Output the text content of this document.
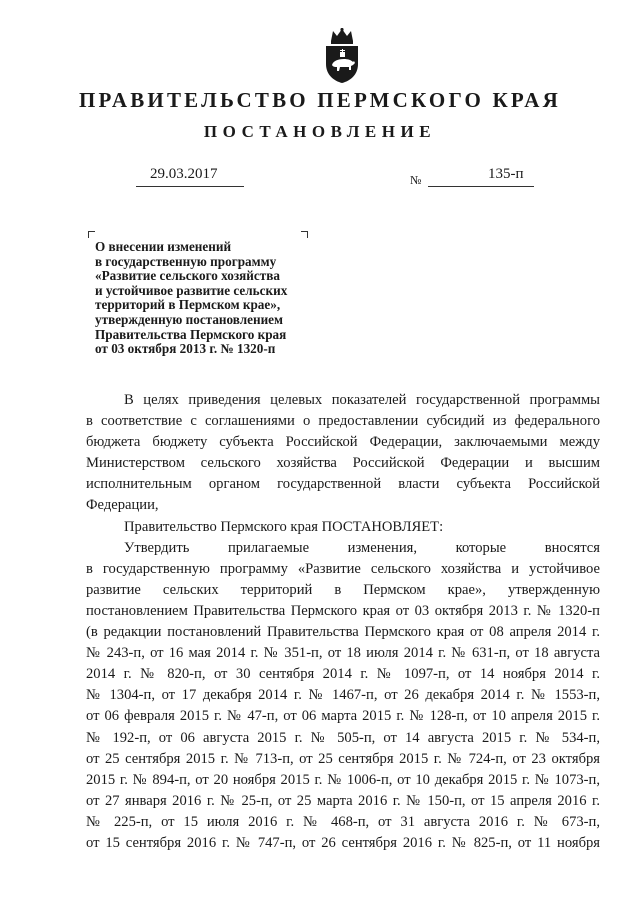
ПРАВИТЕЛЬСТВО ПЕРМСКОГО КРАЯ
ПОСТАНОВЛЕНИЕ
29.03.2017	№	135-п
О внесении изменений
в государственную программу
«Развитие сельского хозяйства
и устойчивое развитие сельских
территорий в Пермском крае»,
утвержденную постановлением
Правительства Пермского края
от 03 октября 2013 г. № 1320-п
В целях приведения целевых показателей государственной программы
в соответствие с соглашениями о предоставлении субсидий из федерального
бюджета бюджету субъекта Российской Федерации, заключаемыми между
Министерством сельского хозяйства Российской Федерации и высшим
исполнительным органом государственной власти субъекта Российской
Федерации,
Правительство Пермского края ПОСТАНОВЛЯЕТ:
Утвердить прилагаемые изменения, которые вносятся
в государственную программу «Развитие сельского хозяйства и устойчивое
развитие сельских территорий в Пермском крае», утвержденную
постановлением Правительства Пермского края от 03 октября 2013 г. № 1320-п
(в редакции постановлений Правительства Пермского края от 08 апреля 2014 г.
№ 243-п, от 16 мая 2014 г. № 351-п, от 18 июля 2014 г. № 631-п, от 18 августа
2014 г. № 820-п, от 30 сентября 2014 г. № 1097-п, от 14 ноября 2014 г.
№ 1304-п, от 17 декабря 2014 г. № 1467-п, от 26 декабря 2014 г. № 1553-п,
от 06 февраля 2015 г. № 47-п, от 06 марта 2015 г. № 128-п, от 10 апреля 2015 г.
№ 192-п, от 06 августа 2015 г. № 505-п, от 14 августа 2015 г. № 534-п,
от 25 сентября 2015 г. № 713-п, от 25 сентября 2015 г. № 724-п, от 23 октября
2015 г. № 894-п, от 20 ноября 2015 г. № 1006-п, от 10 декабря 2015 г. № 1073-п,
от 27 января 2016 г. № 25-п, от 25 марта 2016 г. № 150-п, от 15 апреля 2016 г.
№ 225-п, от 15 июля 2016 г. № 468-п, от 31 августа 2016 г. № 673-п,
от 15 сентября 2016 г. № 747-п, от 26 сентября 2016 г. № 825-п, от 11 ноября
